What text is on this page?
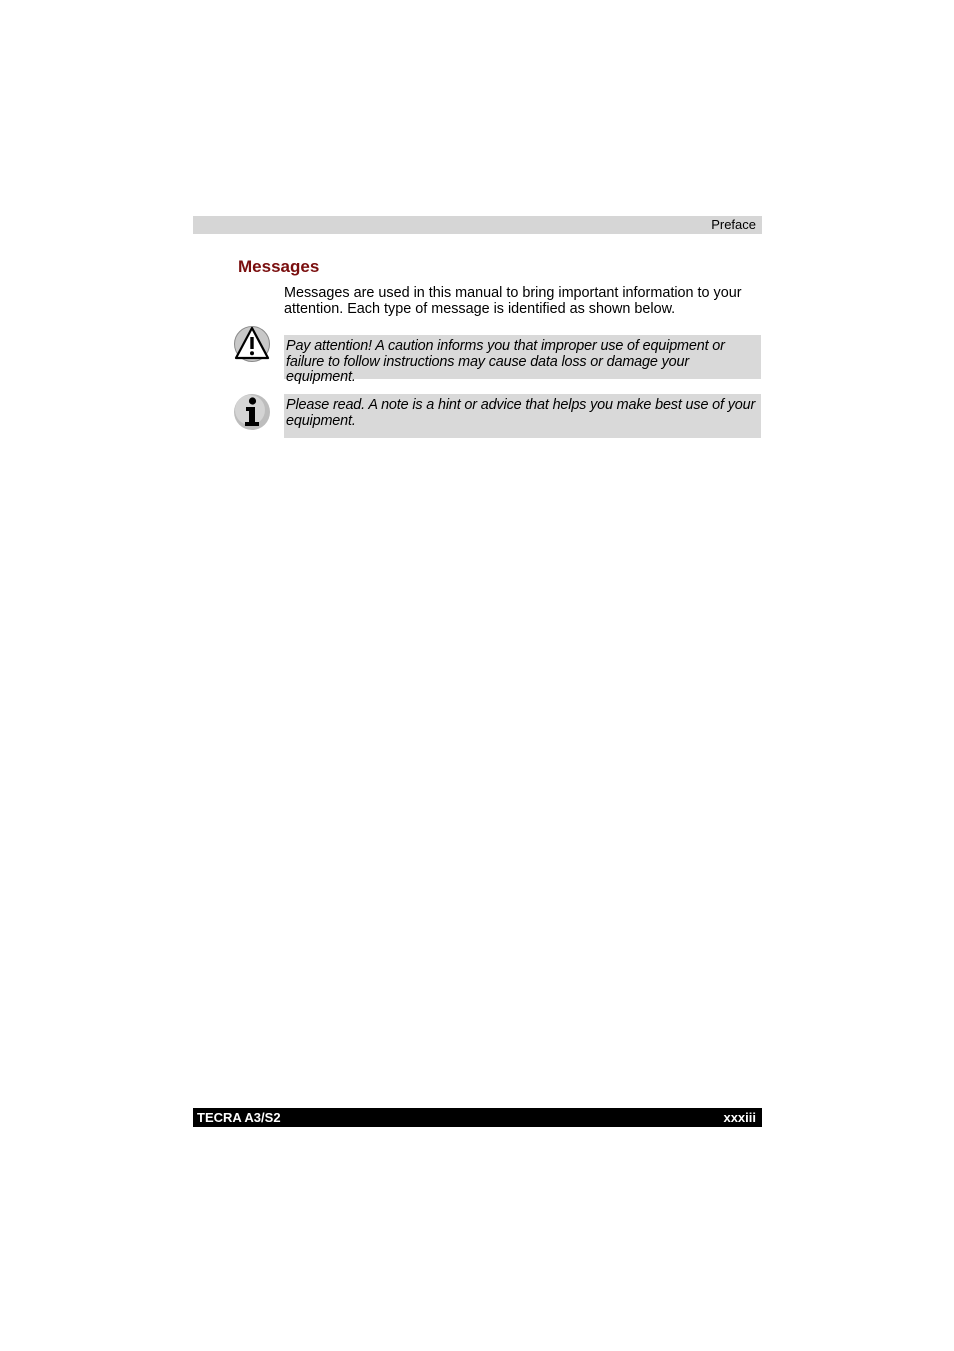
Preface
Messages

Messages are used in this manual to bring important information to your attention. Each type of message is identified as shown below.

Pay attention! A caution informs you that improper use of equipment or failure to follow instructions may cause data loss or damage your equipment.

Please read. A note is a hint or advice that helps you make best use of your equipment.

TECRA A3/S2	xxxiii
